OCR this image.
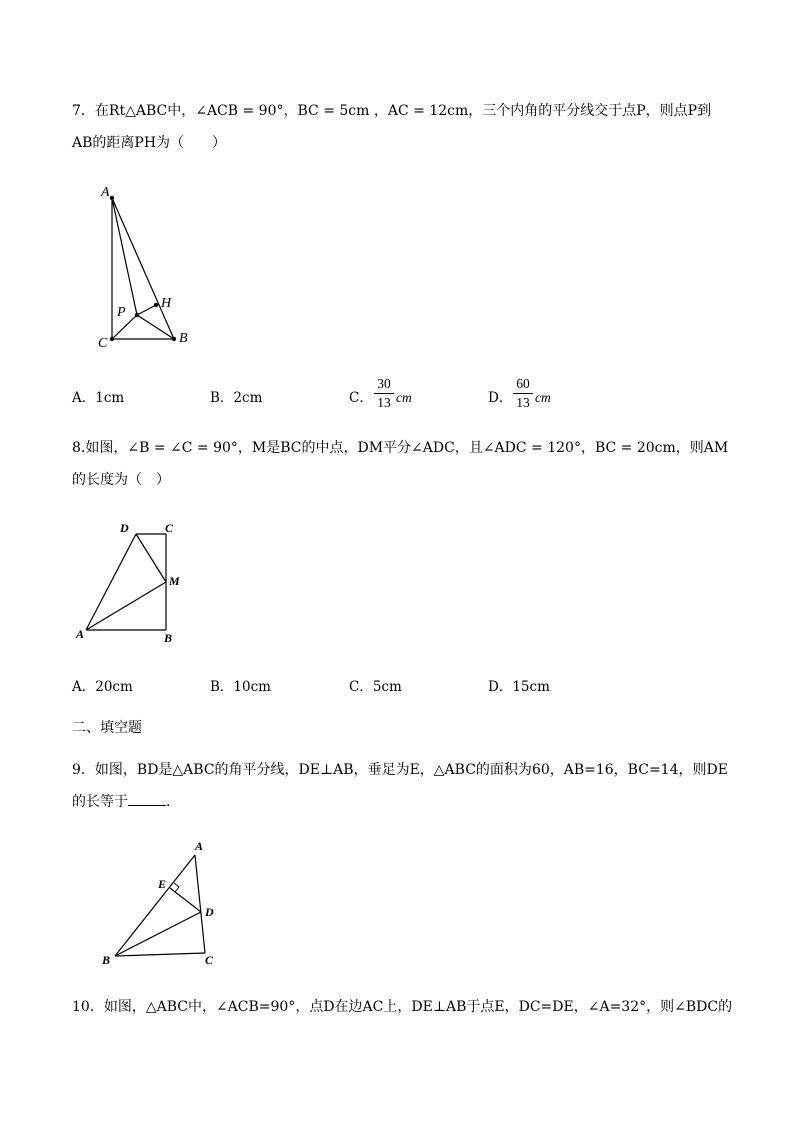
7．在Rt△ABC中，∠ACB = 90°，BC = 5cm ，AC = 12cm，三个内角的平分线交于点P，则点P到
AB的距离PH为（　　）
A
P
H
B
C
A．1cm	B．2cm	C．
30
13 cm	D．
60
13 cm
8.如图，∠B = ∠C = 90°，M是BC的中点，DM平分∠ADC，且∠ADC = 120°，BC = 20cm，则AM
的长度为（　）
D	C
M
A	B
A．20cm	B．10cm	C．5cm	D．15cm
二、填空题
9．如图，BD是△ABC的角平分线，DE⊥AB，垂足为E，△ABC的面积为60，AB=16，BC=14，则DE
的长等于	．
A
E
D
B	C
10．如图，△ABC中，∠ACB=90°，点D在边AC上，DE⊥AB于点E，DC=DE，∠A=32°，则∠BDC的
